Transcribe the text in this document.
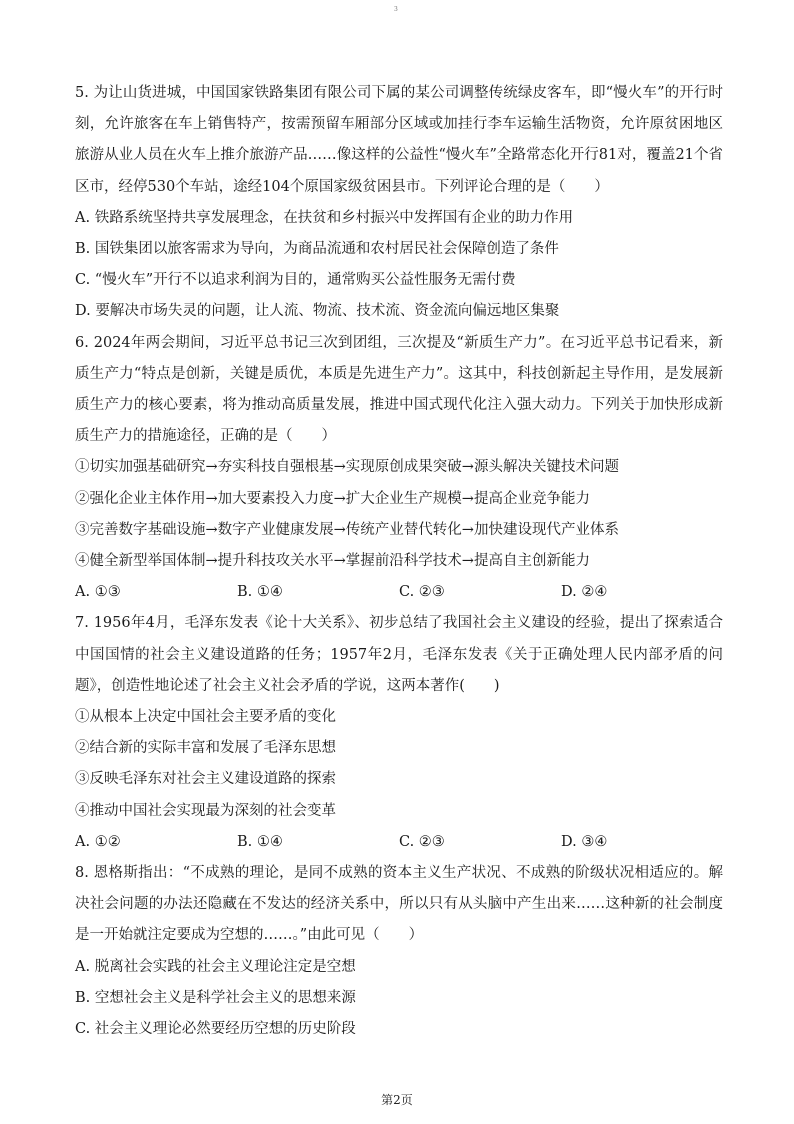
3
5. 为让山货进城，中国国家铁路集团有限公司下属的某公司调整传统绿皮客车，即“慢火车”的开行时刻，允许旅客在车上销售特产，按需预留车厢部分区域或加挂行李车运输生活物资，允许原贫困地区旅游从业人员在火车上推介旅游产品……像这样的公益性“慢火车”全路常态化开行81对，覆盖21个省区市，经停530个车站，途经104个原国家级贫困县市。下列评论合理的是（　　）
A. 铁路系统坚持共享发展理念，在扶贫和乡村振兴中发挥国有企业的助力作用
B. 国铁集团以旅客需求为导向，为商品流通和农村居民社会保障创造了条件
C. “慢火车”开行不以追求利润为目的，通常购买公益性服务无需付费
D. 要解决市场失灵的问题，让人流、物流、技术流、资金流向偏远地区集聚
6. 2024年两会期间，习近平总书记三次到团组，三次提及“新质生产力”。在习近平总书记看来，新质生产力“特点是创新，关键是质优，本质是先进生产力”。这其中，科技创新起主导作用，是发展新质生产力的核心要素，将为推动高质量发展，推进中国式现代化注入强大动力。下列关于加快形成新质生产力的措施途径，正确的是（　　）
①切实加强基础研究→夯实科技自强根基→实现原创成果突破→源头解决关键技术问题
②强化企业主体作用→加大要素投入力度→扩大企业生产规模→提高企业竞争能力
③完善数字基础设施→数字产业健康发展→传统产业替代转化→加快建设现代产业体系
④健全新型举国体制→提升科技攻关水平→掌握前沿科学技术→提高自主创新能力
A. ①③	B. ①④	C. ②③	D. ②④
7. 1956年4月，毛泽东发表《论十大关系》、初步总结了我国社会主义建设的经验，提出了探索适合中国国情的社会主义建设道路的任务；1957年2月，毛泽东发表《关于正确处理人民内部矛盾的问题》，创造性地论述了社会主义社会矛盾的学说，这两本著作(　　)
①从根本上决定中国社会主要矛盾的变化
②结合新的实际丰富和发展了毛泽东思想
③反映毛泽东对社会主义建设道路的探索
④推动中国社会实现最为深刻的社会变革
A. ①②	B. ①④	C. ②③	D. ③④
8. 恩格斯指出：“不成熟的理论，是同不成熟的资本主义生产状况、不成熟的阶级状况相适应的。解决社会问题的办法还隐藏在不发达的经济关系中，所以只有从头脑中产生出来……这种新的社会制度是一开始就注定要成为空想的……。”由此可见（　　）
A. 脱离社会实践的社会主义理论注定是空想
B. 空想社会主义是科学社会主义的思想来源
C. 社会主义理论必然要经历空想的历史阶段
第2页
